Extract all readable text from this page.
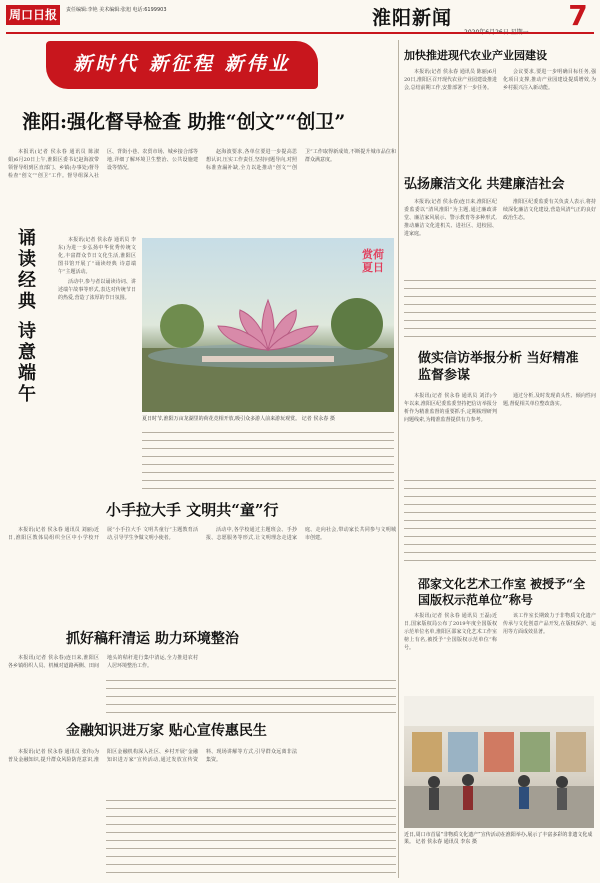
周口日报	责任编辑:李艳 美术编辑:张旭 电话:6199903	淮阳新闻	7
新时代 新征程 新伟业
淮阳:强化督导检查 助推“创文”“创卫”

本报讯(记者 侯永春 通讯员 陈淑娟)6月20日上午,淮阳区委书记赵海波带领督导组到区直部门、乡镇(办事处)督导检查“创文”“创卫”工作。督导组深入社区、背街小巷、农贸市场、城乡接合部等地,详细了解环境卫生整治、公共设施建设等情况。

赵海波要求,各单位要进一步提高思想认识,压实工作责任,坚持问题导向,对照标准查漏补缺,全力以赴推动“创文”“创卫”工作取得新成效,不断提升城市品位和群众满意度。

诵读经典 诗意端午	本报讯(记者 侯永春 通讯员 李东)为进一步弘扬中华优秀传统文化,丰富群众节日文化生活,淮阳区图书馆开展了“诵读经典 诗意端午”主题活动。

活动中,参与者以诵读诗词、讲述端午故事等形式,表达对传统节日的热爱,营造了浓厚的节日氛围。

赏荷 夏日
夏日时节,淮阳万亩龙湖里的荷花竞相开放,吸引众多游人前来游玩观赏。 记者 侯永春 摄
小手拉大手 文明共“童”行

本报讯(记者 侯永春 通讯员 刘丽)近日,淮阳区教体局组织全区中小学校开展“小手拉大手 文明共童行”主题教育活动,引导学生争做文明小使者。

活动中,各学校通过主题班会、手抄报、志愿服务等形式,让文明理念走进家庭、走向社会,带动家长共同参与文明城市创建。

抓好稿秆清运 助力环境整治

本报讯(记者 侯永春)连日来,淮阳区各乡镇组织人员、机械对道路两侧、田间地头的秸秆进行集中清运,全力推进农村人居环境整治工作。

金融知识进万家 贴心宣传惠民生

本报讯(记者 侯永春 通讯员 张伟)为普及金融知识,提升群众风险防范意识,淮阳区金融机构深入社区、乡村开展“金融知识进万家”宣传活动,通过发放宣传资料、现场讲解等方式,引导群众远离非法集资。

加快推进现代农业产业园建设

本报讯(记者 侯永春 通讯员 陈丽)6月20日,淮阳区召开现代农业产业园建设推进会,总结前期工作,安排部署下一步任务。

会议要求,要进一步明确目标任务,强化项目支撑,推动产业园建设提质增效,为乡村振兴注入新动能。

弘扬廉洁文化 共建廉洁社会

本报讯(记者 侯永春)连日来,淮阳区纪委监委以“清风淮阳”为主题,通过廉政讲堂、廉洁家风展示、警示教育等多种形式,推动廉洁文化进机关、进社区、进校园、进家庭。

淮阳区纪委监委有关负责人表示,将持续深化廉洁文化建设,营造风清气正的良好政治生态。

做实信访举报分析 当好精准监督参谋

本报讯(记者 侯永春 通讯员 刘洋)今年以来,淮阳区纪委监委坚持把信访举报分析作为精准监督的重要抓手,定期梳理研判问题线索,为精准监督提供有力参考。

通过分析,及时发现苗头性、倾向性问题,督促相关单位整改落实。

邵家文化艺术工作室 被授予“全国版权示范单位”称号

本报讯(记者 侯永春 通讯员 王磊)近日,国家版权局公布了2019年度全国版权示范单位名单,淮阳区邵家文化艺术工作室榜上有名,被授予“全国版权示范单位”称号。

该工作室长期致力于非物质文化遗产传承与文化创意产品开发,在版权保护、运用等方面成效显著。

近日,周口市首届“非物质文化遗产”宣传活动在淮阳举办,展示了丰富多彩的非遗文化成果。 记者 侯永春 通讯员 李东 摄
